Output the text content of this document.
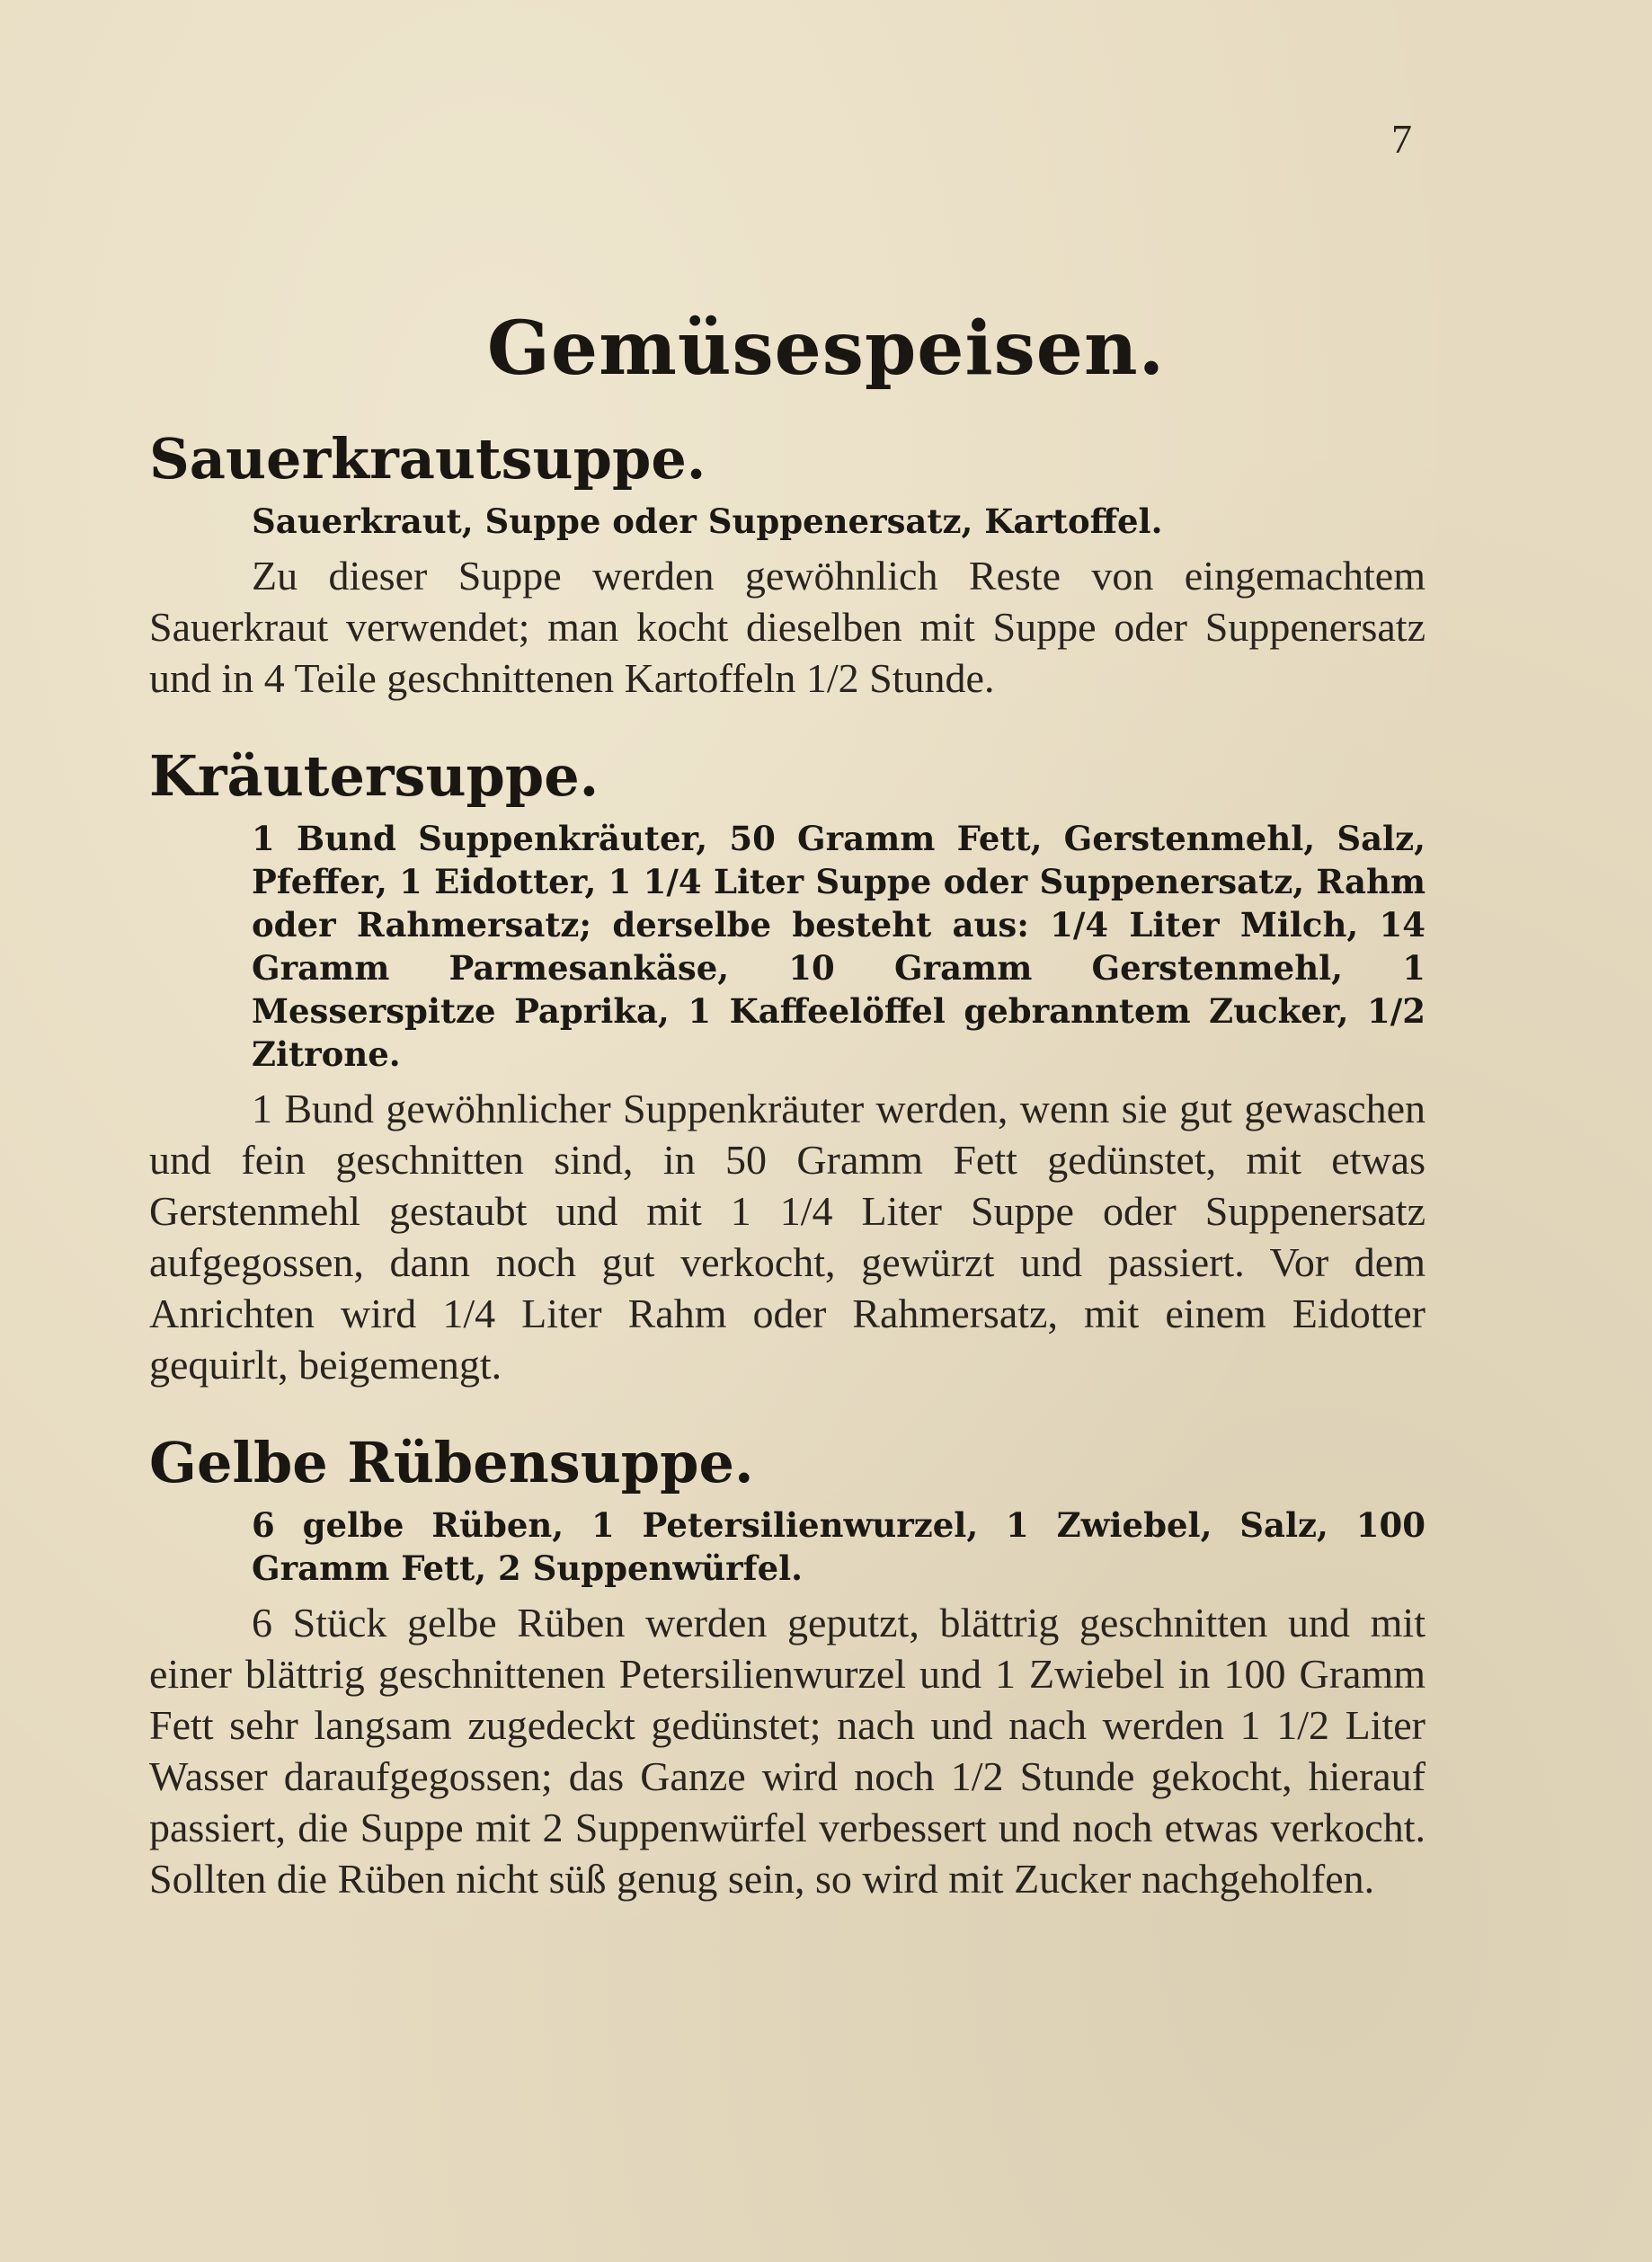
7
Gemüsespeisen.
Sauerkrautsuppe.

Sauerkraut, Suppe oder Suppenersatz, Kartoffel.

Zu dieser Suppe werden gewöhnlich Reste von eingemachtem Sauerkraut verwendet; man kocht dieselben mit Suppe oder Suppenersatz und in 4 Teile geschnittenen Kartoffeln 1/2 Stunde.

Kräutersuppe.

1 Bund Suppenkräuter, 50 Gramm Fett, Gerstenmehl, Salz, Pfeffer, 1 Eidotter, 1 1/4 Liter Suppe oder Suppenersatz, Rahm oder Rahmersatz; derselbe besteht aus: 1/4 Liter Milch, 14 Gramm Parmesankäse, 10 Gramm Gerstenmehl, 1 Messerspitze Paprika, 1 Kaffeelöffel gebranntem Zucker, 1/2 Zitrone.

1 Bund gewöhnlicher Suppenkräuter werden, wenn sie gut gewaschen und fein geschnitten sind, in 50 Gramm Fett gedünstet, mit etwas Gerstenmehl gestaubt und mit 1 1/4 Liter Suppe oder Suppenersatz aufgegossen, dann noch gut verkocht, gewürzt und passiert. Vor dem Anrichten wird 1/4 Liter Rahm oder Rahmersatz, mit einem Eidotter gequirlt, beigemengt.

Gelbe Rübensuppe.

6 gelbe Rüben, 1 Petersilienwurzel, 1 Zwiebel, Salz, 100 Gramm Fett, 2 Suppenwürfel.

6 Stück gelbe Rüben werden geputzt, blättrig geschnitten und mit einer blättrig geschnittenen Petersilienwurzel und 1 Zwiebel in 100 Gramm Fett sehr langsam zugedeckt gedünstet; nach und nach werden 1 1/2 Liter Wasser daraufgegossen; das Ganze wird noch 1/2 Stunde gekocht, hierauf passiert, die Suppe mit 2 Suppenwürfel verbessert und noch etwas verkocht. Sollten die Rüben nicht süß genug sein, so wird mit Zucker nachgeholfen.
